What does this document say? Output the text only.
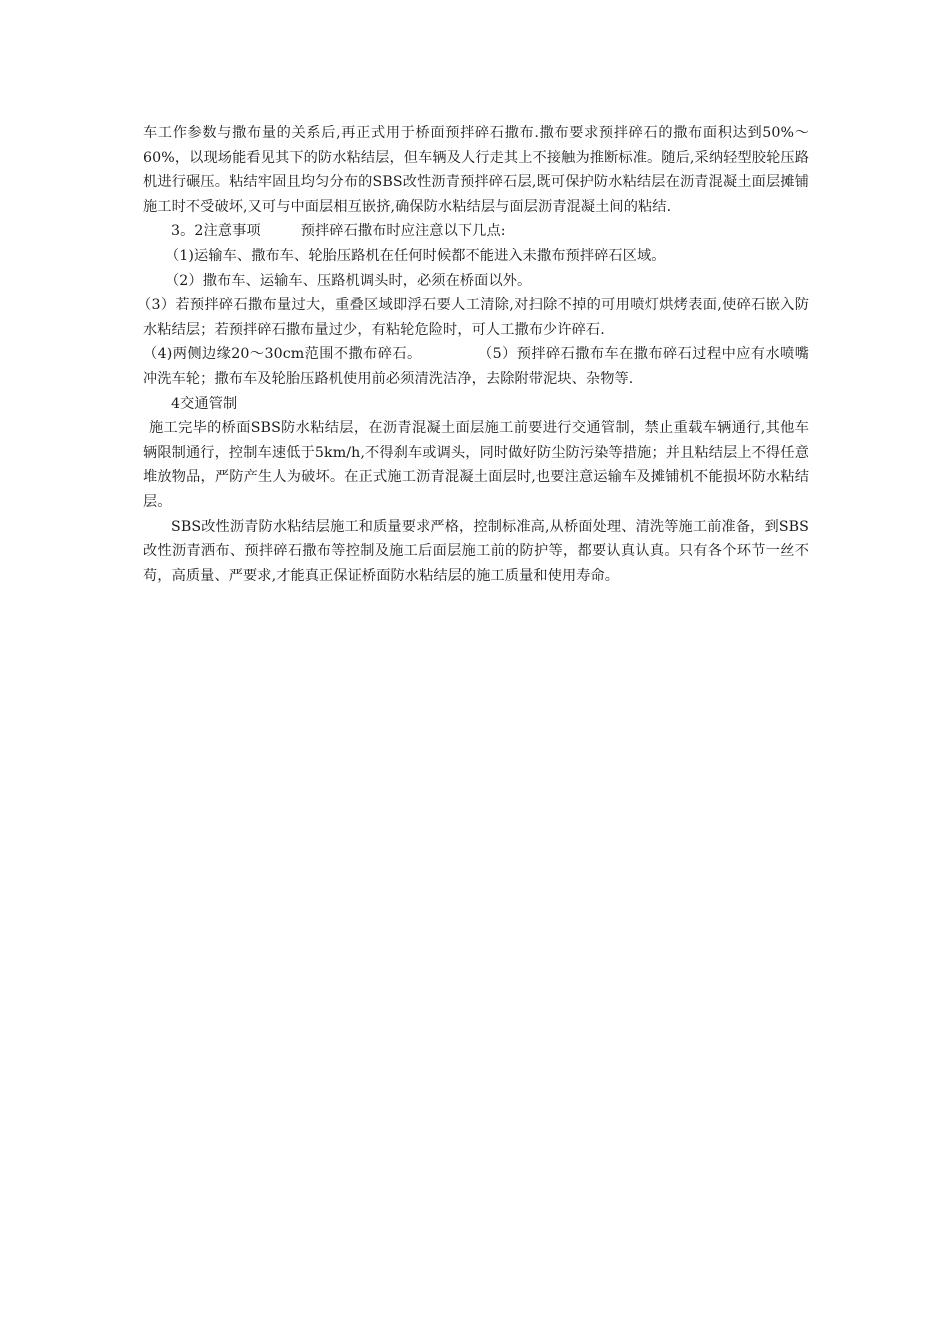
车工作参数与撒布量的关系后,再正式用于桥面预拌碎石撒布.撒布要求预拌碎石的撒布面积达到50%～60%，以现场能看见其下的防水粘结层，但车辆及人行走其上不接触为推断标准。随后,采纳轻型胶轮压路机进行碾压。粘结牢固且均匀分布的SBS改性沥青预拌碎石层,既可保护防水粘结层在沥青混凝土面层摊铺施工时不受破坏,又可与中面层相互嵌挤,确保防水粘结层与面层沥青混凝土间的粘结.

3。2注意事项	预拌碎石撒布时应注意以下几点:

（1)运输车、撒布车、轮胎压路机在任何时候都不能进入未撒布预拌碎石区域。

（2）撒布车、运输车、压路机调头时，必须在桥面以外。

（3）若预拌碎石撒布量过大，重叠区域即浮石要人工清除,对扫除不掉的可用喷灯烘烤表面,使碎石嵌入防水粘结层；若预拌碎石撒布量过少，有粘轮危险时，可人工撒布少许碎石.

（4)两侧边缘20～30cm范围不撒布碎石。	（5）预拌碎石撒布车在撒布碎石过程中应有水喷嘴冲洗车轮；撒布车及轮胎压路机使用前必须清洗洁净，去除附带泥块、杂物等.

4交通管制

施工完毕的桥面SBS防水粘结层，在沥青混凝土面层施工前要进行交通管制，禁止重载车辆通行,其他车辆限制通行，控制车速低于5km/h,不得刹车或调头，同时做好防尘防污染等措施；并且粘结层上不得任意堆放物品，严防产生人为破坏。在正式施工沥青混凝土面层时,也要注意运输车及摊铺机不能损坏防水粘结层。

SBS改性沥青防水粘结层施工和质量要求严格，控制标准高,从桥面处理、清洗等施工前准备，到SBS改性沥青洒布、预拌碎石撒布等控制及施工后面层施工前的防护等，都要认真认真。只有各个环节一丝不苟，高质量、严要求,才能真正保证桥面防水粘结层的施工质量和使用寿命。
